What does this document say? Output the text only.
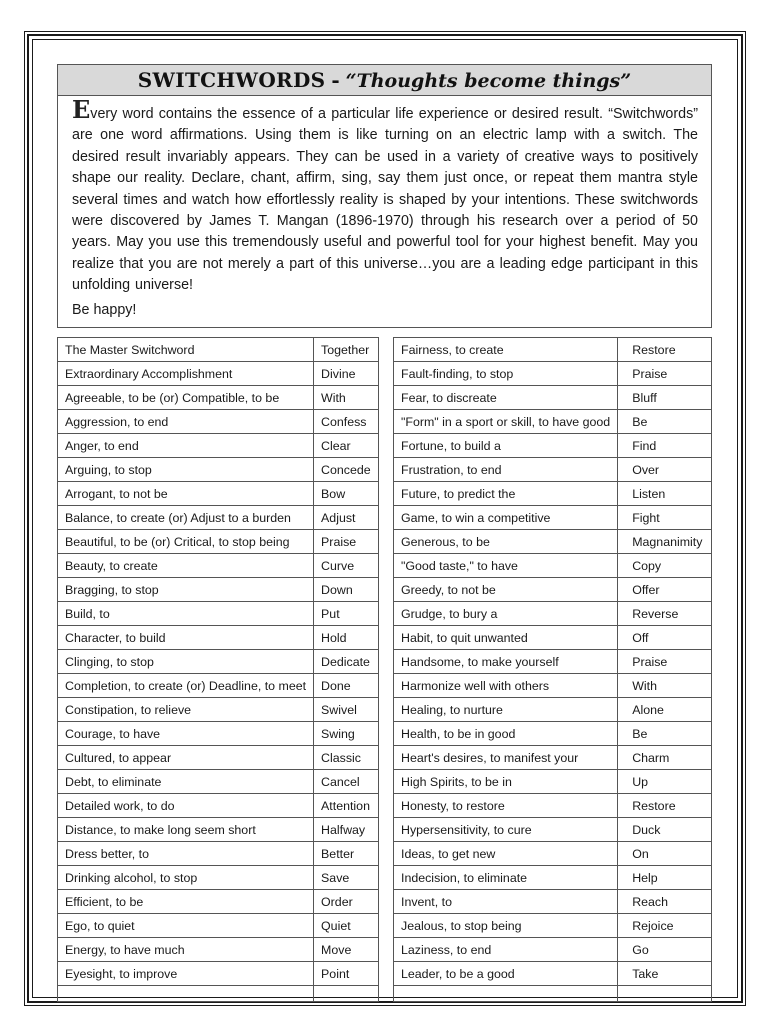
SWITCHWORDS - “Thoughts become things”

Every word contains the essence of a particular life experience or desired result. “Switchwords” are one word affirmations. Using them is like turning on an electric lamp with a switch. The desired result invariably appears. They can be used in a variety of creative ways to positively shape our reality. Declare, chant, affirm, sing, say them just once, or repeat them mantra style several times and watch how effortlessly reality is shaped by your intentions. These switchwords were discovered by James T. Mangan (1896-1970) through his research over a period of 50 years. May you use this tremendously useful and powerful tool for your highest benefit. May you realize that you are not merely a part of this universe…you are a leading edge participant in this unfolding universe!

Be happy!
The Master Switchword	Together
Extraordinary Accomplishment	Divine
Agreeable, to be (or) Compatible, to be	With
Aggression, to end	Confess
Anger, to end	Clear
Arguing, to stop	Concede
Arrogant, to not be	Bow
Balance, to create (or) Adjust to a burden	Adjust
Beautiful, to be (or) Critical, to stop being	Praise
Beauty, to create	Curve
Bragging, to stop	Down
Build, to	Put
Character, to build	Hold
Clinging, to stop	Dedicate
Completion, to create (or) Deadline, to meet	Done
Constipation, to relieve	Swivel
Courage, to have	Swing
Cultured, to appear	Classic
Debt, to eliminate	Cancel
Detailed work, to do	Attention
Distance, to make long seem short	Halfway
Dress better, to	Better
Drinking alcohol, to stop	Save
Efficient, to be	Order
Ego, to quiet	Quiet
Energy, to have much	Move
Eyesight, to improve	Point

Fairness, to create	Restore
Fault-finding, to stop	Praise
Fear, to discreate	Bluff
"Form" in a sport or skill, to have good	Be
Fortune, to build a	Find
Frustration, to end	Over
Future, to predict the	Listen
Game, to win a competitive	Fight
Generous, to be	Magnanimity
"Good taste," to have	Copy
Greedy, to not be	Offer
Grudge, to bury a	Reverse
Habit, to quit unwanted	Off
Handsome, to make yourself	Praise
Harmonize well with others	With
Healing, to nurture	Alone
Health, to be in good	Be
Heart's desires, to manifest your	Charm
High Spirits, to be in	Up
Honesty, to restore	Restore
Hypersensitivity, to cure	Duck
Ideas, to get new	On
Indecision, to eliminate	Help
Invent, to	Reach
Jealous, to stop being	Rejoice
Laziness, to end	Go
Leader, to be a good	Take
